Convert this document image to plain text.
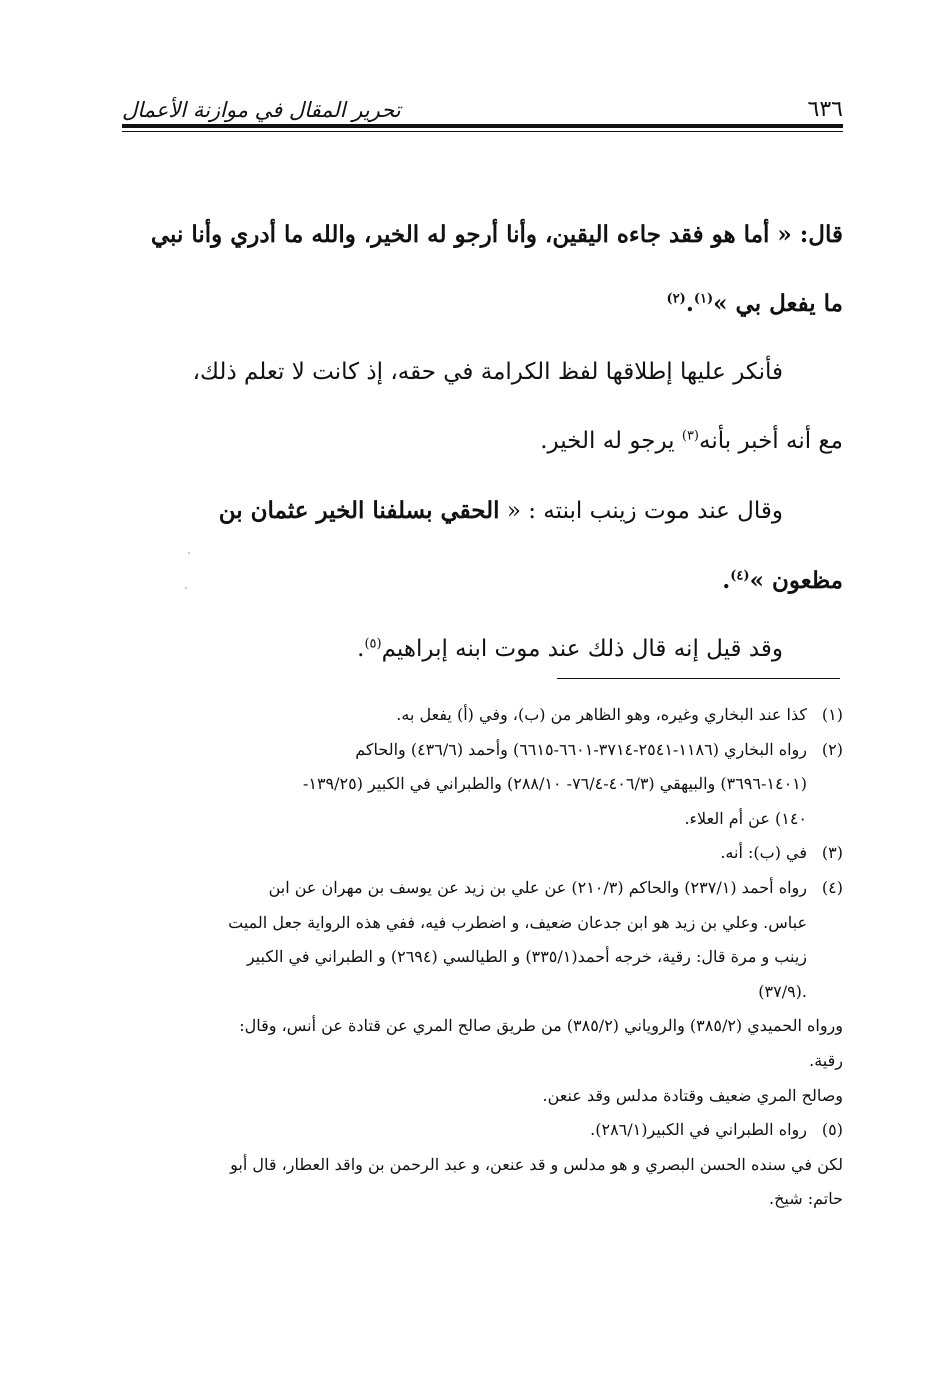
٦٣٦
تحرير المقال في موازنة الأعمال
قال: « أما هو فقد جاءه اليقين، وأنا أرجو له الخير، والله ما أدري وأنا نبي
ما يفعل بي »$^{(١)}$.$^{(٢)}$
فأنكر عليها إطلاقها لفظ الكرامة في حقه، إذ كانت لا تعلم ذلك،
مع أنه أخبر بأنه$^{(٣)}$ يرجو له الخير.
وقال عند موت زينب ابنته : « الحقي بسلفنا الخير عثمان بن
مظعون »$^{(٤)}$.
وقد قيل إنه قال ذلك عند موت ابنه إبراهيم$^{(٥)}$.
(١)كذا عند البخاري وغيره، وهو الظاهر من (ب)، وفي (أ) يفعل به.
(٢)رواه البخاري (١١٨٦-٢٥٤١-٣٧١٤-٦٦٠١-٦٦١٥) وأحمد (٤٣٦/٦) والحاكم
(١٤٠١-٣٦٩٦) والبيهقي (٤٠٦/٣-٧٦/٤- ٢٨٨/١٠) والطبراني في الكبير (١٣٩/٢٥-
١٤٠) عن أم العلاء.
(٣)في (ب): أنه.
(٤)رواه أحمد (٢٣٧/١) والحاكم (٢١٠/٣) عن علي بن زيد عن يوسف بن مهران عن ابن
عباس. وعلي بن زيد هو ابن جدعان ضعيف، و اضطرب فيه، ففي هذه الرواية جعل الميت
زينب و مرة قال: رقية، خرجه أحمد(٣٣٥/١) و الطيالسي (٢٦٩٤) و الطبراني في الكبير
.(٣٧/٩)
ورواه الحميدي (٣٨٥/٢) والروياني (٣٨٥/٢) من طريق صالح المري عن قتادة عن أنس، وقال:
رقية.
وصالح المري ضعيف وقتادة مدلس وقد عنعن.
(٥)رواه الطبراني في الكبير(٢٨٦/١).
لكن في سنده الحسن البصري و هو مدلس و قد عنعن، و عبد الرحمن بن واقد العطار، قال أبو
حاتم: شيخ.
